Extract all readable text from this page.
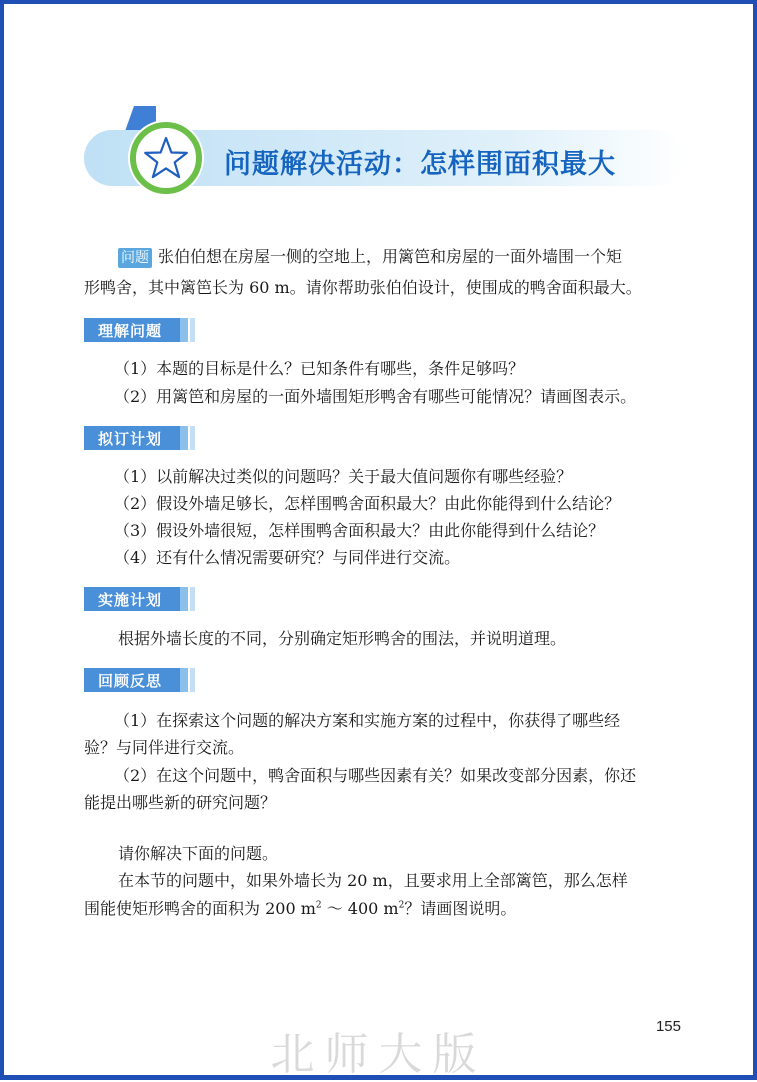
问题解决活动：怎样围面积最大
问题 张伯伯想在房屋一侧的空地上，用篱笆和房屋的一面外墙围一个矩
形鸭舍，其中篱笆长为 60 m。请你帮助张伯伯设计，使围成的鸭舍面积最大。
理解问题
（1）本题的目标是什么？已知条件有哪些，条件足够吗？
（2）用篱笆和房屋的一面外墙围矩形鸭舍有哪些可能情况？请画图表示。
拟订计划
（1）以前解决过类似的问题吗？关于最大值问题你有哪些经验？
（2）假设外墙足够长，怎样围鸭舍面积最大？由此你能得到什么结论？
（3）假设外墙很短，怎样围鸭舍面积最大？由此你能得到什么结论？
（4）还有什么情况需要研究？与同伴进行交流。
实施计划
根据外墙长度的不同，分别确定矩形鸭舍的围法，并说明道理。
回顾反思
（1）在探索这个问题的解决方案和实施方案的过程中，你获得了哪些经
验？与同伴进行交流。
（2）在这个问题中，鸭舍面积与哪些因素有关？如果改变部分因素，你还
能提出哪些新的研究问题？
请你解决下面的问题。
在本节的问题中，如果外墙长为 20 m，且要求用上全部篱笆，那么怎样
围能使矩形鸭舍的面积为 200 $m^2$ ～ 400 $m^2$？请画图说明。
155
北师大版
